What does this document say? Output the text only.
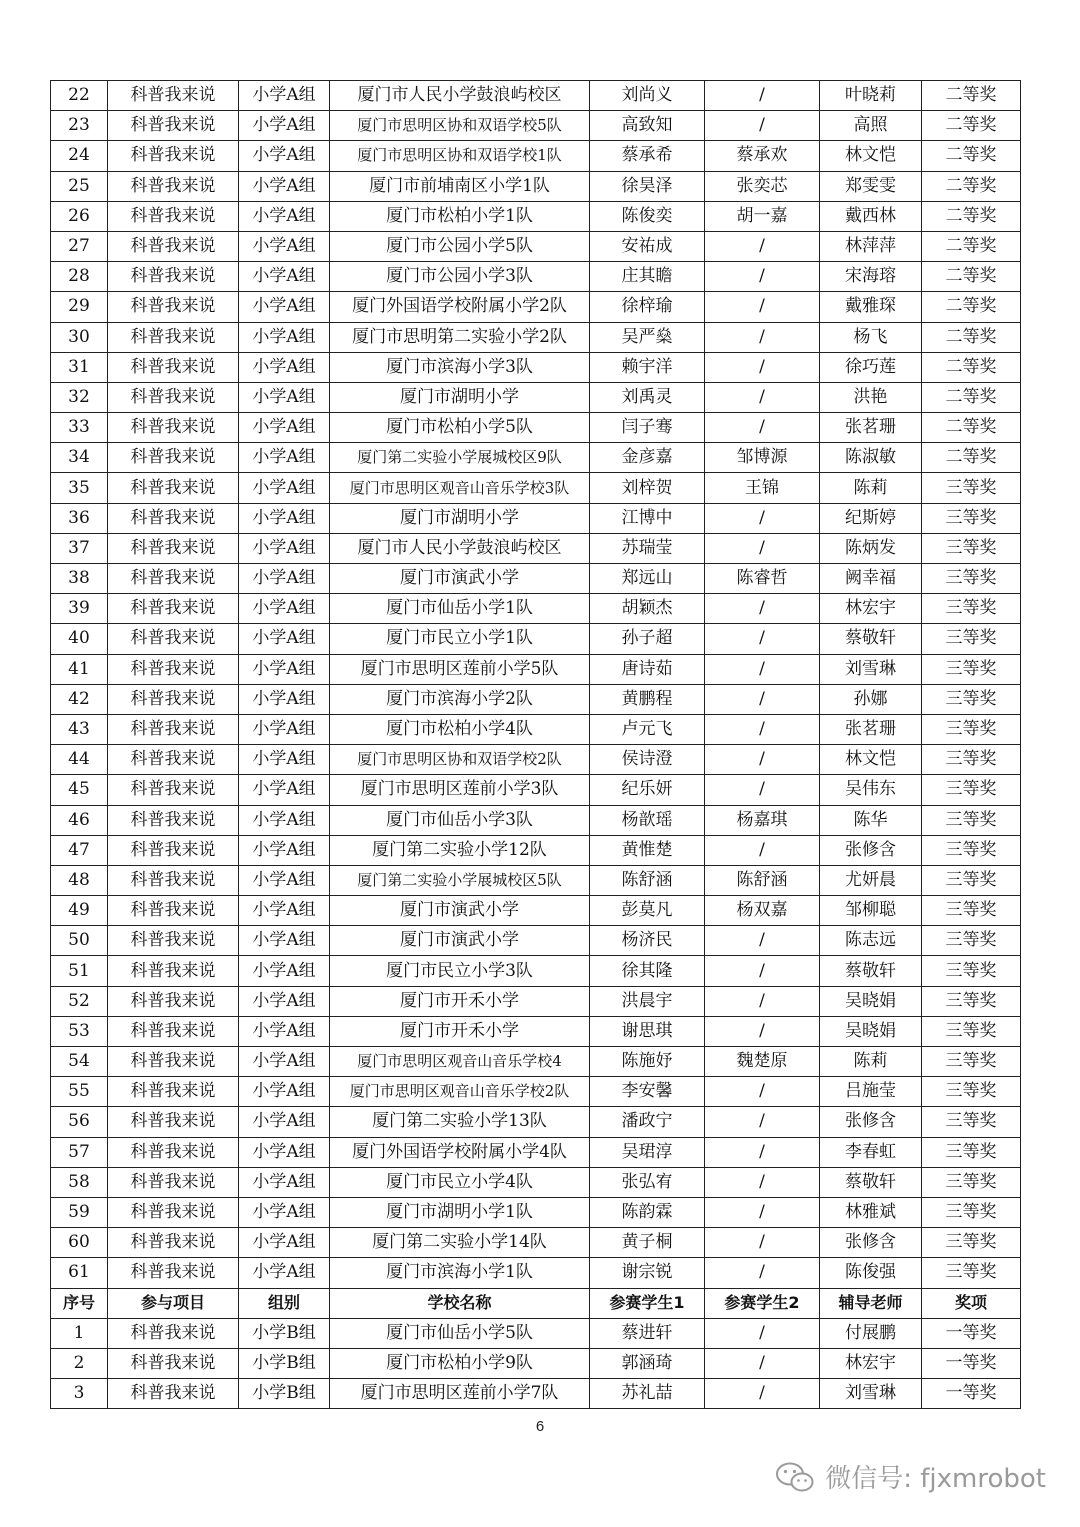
22	科普我来说	小学A组	厦门市人民小学鼓浪屿校区	刘尚义	/	叶晓莉	二等奖
23	科普我来说	小学A组	厦门市思明区协和双语学校5队	高致知	/	高照	二等奖
24	科普我来说	小学A组	厦门市思明区协和双语学校1队	蔡承希	蔡承欢	林文恺	二等奖
25	科普我来说	小学A组	厦门市前埔南区小学1队	徐昊泽	张奕芯	郑雯雯	二等奖
26	科普我来说	小学A组	厦门市松柏小学1队	陈俊奕	胡一嘉	戴西林	二等奖
27	科普我来说	小学A组	厦门市公园小学5队	安祐成	/	林萍萍	二等奖
28	科普我来说	小学A组	厦门市公园小学3队	庄其瞻	/	宋海瑢	二等奖
29	科普我来说	小学A组	厦门外国语学校附属小学2队	徐梓瑜	/	戴雅琛	二等奖
30	科普我来说	小学A组	厦门市思明第二实验小学2队	吴严燊	/	杨飞	二等奖
31	科普我来说	小学A组	厦门市滨海小学3队	赖宇洋	/	徐巧莲	二等奖
32	科普我来说	小学A组	厦门市湖明小学	刘禹灵	/	洪艳	二等奖
33	科普我来说	小学A组	厦门市松柏小学5队	闫子骞	/	张茗珊	二等奖
34	科普我来说	小学A组	厦门第二实验小学展城校区9队	金彦嘉	邹博源	陈淑敏	二等奖
35	科普我来说	小学A组	厦门市思明区观音山音乐学校3队	刘梓贺	王锦	陈莉	三等奖
36	科普我来说	小学A组	厦门市湖明小学	江博中	/	纪斯婷	三等奖
37	科普我来说	小学A组	厦门市人民小学鼓浪屿校区	苏瑞莹	/	陈炳发	三等奖
38	科普我来说	小学A组	厦门市演武小学	郑远山	陈睿哲	阙幸福	三等奖
39	科普我来说	小学A组	厦门市仙岳小学1队	胡颖杰	/	林宏宇	三等奖
40	科普我来说	小学A组	厦门市民立小学1队	孙子超	/	蔡敬轩	三等奖
41	科普我来说	小学A组	厦门市思明区莲前小学5队	唐诗茹	/	刘雪琳	三等奖
42	科普我来说	小学A组	厦门市滨海小学2队	黄鹏程	/	孙娜	三等奖
43	科普我来说	小学A组	厦门市松柏小学4队	卢元飞	/	张茗珊	三等奖
44	科普我来说	小学A组	厦门市思明区协和双语学校2队	侯诗澄	/	林文恺	三等奖
45	科普我来说	小学A组	厦门市思明区莲前小学3队	纪乐妍	/	吴伟东	三等奖
46	科普我来说	小学A组	厦门市仙岳小学3队	杨歆瑶	杨嘉琪	陈华	三等奖
47	科普我来说	小学A组	厦门第二实验小学12队	黄惟楚	/	张修含	三等奖
48	科普我来说	小学A组	厦门第二实验小学展城校区5队	陈舒涵	陈舒涵	尤妍晨	三等奖
49	科普我来说	小学A组	厦门市演武小学	彭莫凡	杨双嘉	邹柳聪	三等奖
50	科普我来说	小学A组	厦门市演武小学	杨济民	/	陈志远	三等奖
51	科普我来说	小学A组	厦门市民立小学3队	徐其隆	/	蔡敬轩	三等奖
52	科普我来说	小学A组	厦门市开禾小学	洪晨宇	/	吴晓娟	三等奖
53	科普我来说	小学A组	厦门市开禾小学	谢思琪	/	吴晓娟	三等奖
54	科普我来说	小学A组	厦门市思明区观音山音乐学校4	陈施妤	魏楚原	陈莉	三等奖
55	科普我来说	小学A组	厦门市思明区观音山音乐学校2队	李安馨	/	吕施莹	三等奖
56	科普我来说	小学A组	厦门第二实验小学13队	潘政宁	/	张修含	三等奖
57	科普我来说	小学A组	厦门外国语学校附属小学4队	吴珺淳	/	李春虹	三等奖
58	科普我来说	小学A组	厦门市民立小学4队	张弘宥	/	蔡敬轩	三等奖
59	科普我来说	小学A组	厦门市湖明小学1队	陈韵霖	/	林雅斌	三等奖
60	科普我来说	小学A组	厦门第二实验小学14队	黄子桐	/	张修含	三等奖
61	科普我来说	小学A组	厦门市滨海小学1队	谢宗锐	/	陈俊强	三等奖
序号	参与项目	组别	学校名称	参赛学生1	参赛学生2	辅导老师	奖项
1	科普我来说	小学B组	厦门市仙岳小学5队	蔡进轩	/	付展鹏	一等奖
2	科普我来说	小学B组	厦门市松柏小学9队	郭涵琦	/	林宏宇	一等奖
3	科普我来说	小学B组	厦门市思明区莲前小学7队	苏礼喆	/	刘雪琳	一等奖
6
微信号: fjxmrobot
